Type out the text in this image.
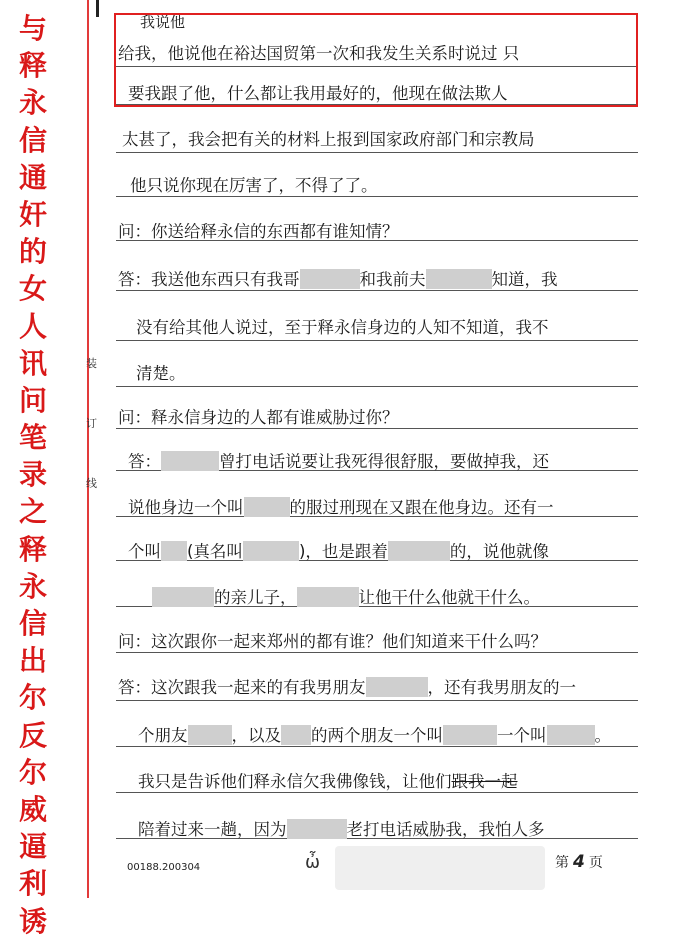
与
释
永
信
通
奸
的
女
人
讯
问
笔
录
之
释
永
信
出
尔
反
尔
威
逼
利
诱
装
订
线
给我，他说他在裕达国贸第一次和我发生关系时说过 只
要我跟了他，什么都让我用最好的，他现在做法欺人
太甚了，我会把有关的材料上报到国家政府部门和宗教局
他只说你现在厉害了，不得了了。
问：你送给释永信的东西都有谁知情？
答：我送他东西只有我哥	和我前夫	知道，我
没有给其他人说过，至于释永信身边的人知不知道，我不
清楚。
问：释永信身边的人都有谁威胁过你？
答：	曾打电话说要让我死得很舒服，要做掉我，还
说他身边一个叫	的服过刑现在又跟在他身边。还有一
个叫 (真名叫	)，也是跟着	的，说他就像
的亲儿子，	让他干什么他就干什么。
问：这次跟你一起来郑州的都有谁？他们知道来干什么吗？
答：这次跟我一起来的有我男朋友	，还有我男朋友的一
个朋友	，以及 的两个朋友一个叫	一个叫	。
我只是告诉他们释永信欠我佛像钱，让他们跟我一起
陪着过来一趟，因为	老打电话威胁我，我怕人多
我说他
00188.200304	ὦ	第 4 页
